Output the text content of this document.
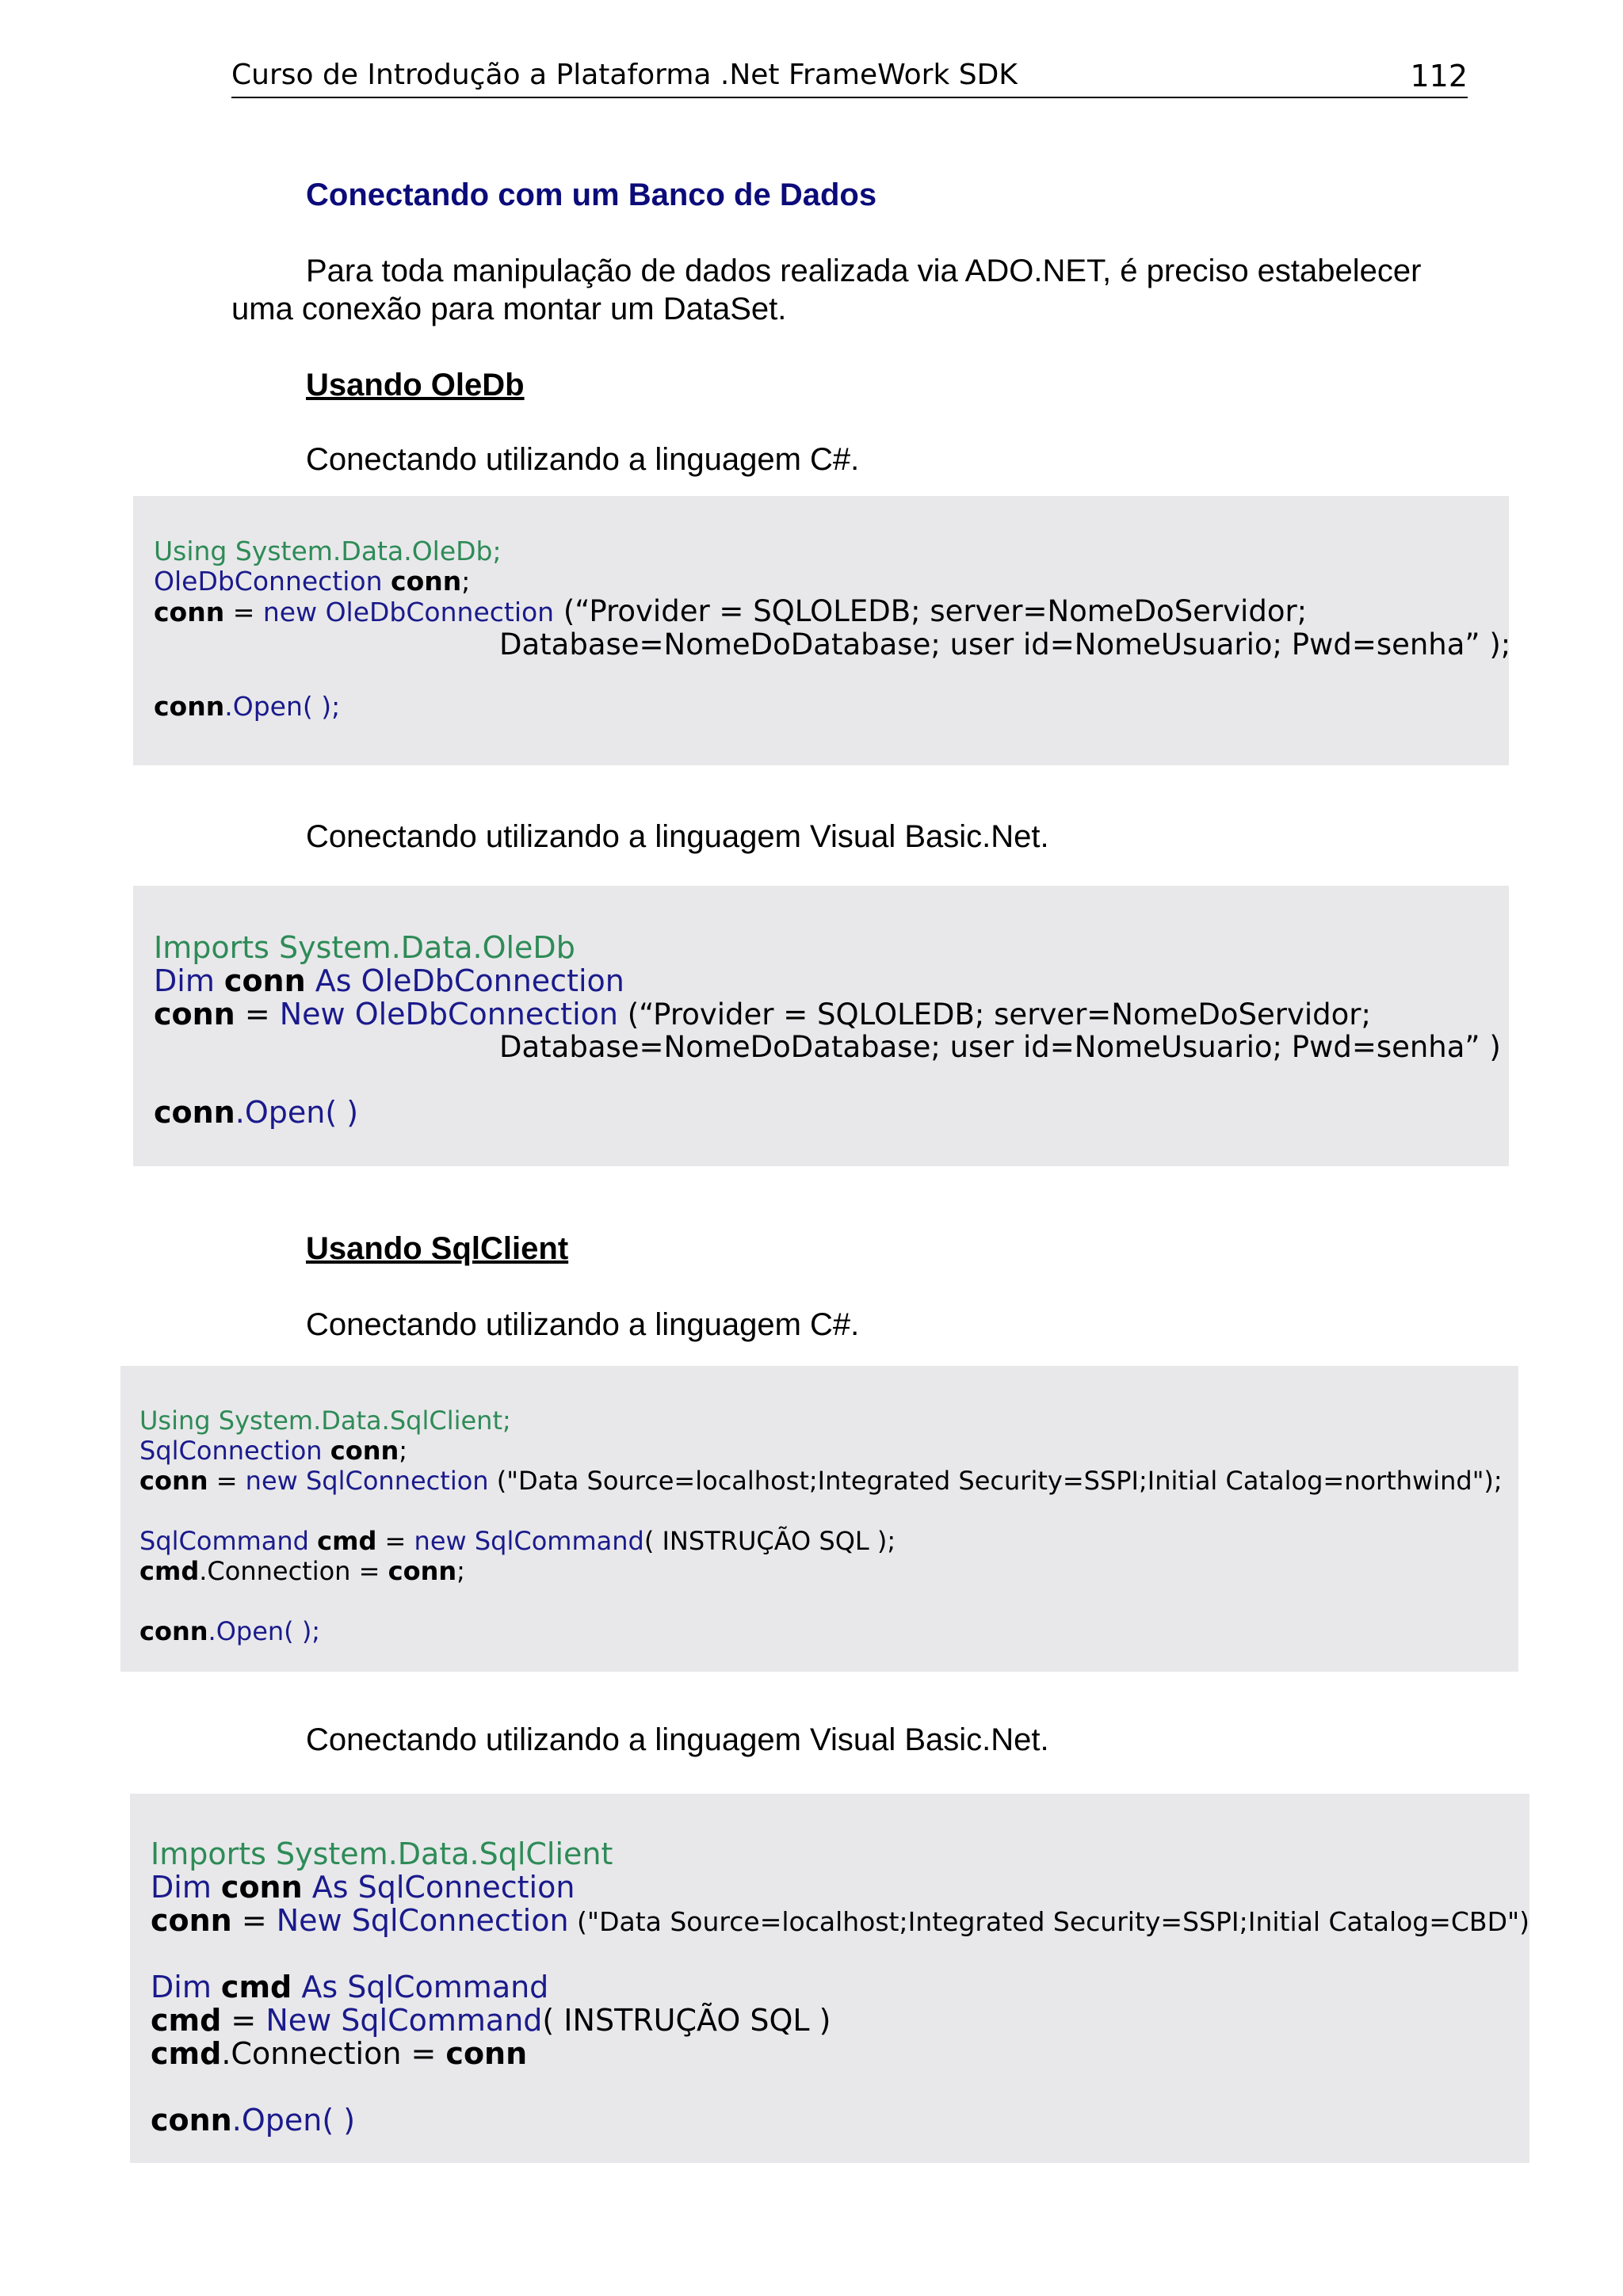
Curso de Introdução a Plataforma .Net FrameWork SDK	112
Conectando com um Banco de Dados
Para toda manipulação de dados realizada via ADO.NET, é preciso estabelecer
uma conexão para montar um DataSet.
Usando OleDb
Conectando utilizando a linguagem C#.
Using System.Data.OleDb;
OleDbConnection conn;
conn = new OleDbConnection (“Provider = SQLOLEDB; server=NomeDoServidor;
Database=NomeDoDatabase; user id=NomeUsuario; Pwd=senha” );
conn.Open( );
Conectando utilizando a linguagem Visual Basic.Net.
Imports System.Data.OleDb
Dim conn As OleDbConnection
conn = New OleDbConnection (“Provider = SQLOLEDB; server=NomeDoServidor;
Database=NomeDoDatabase; user id=NomeUsuario; Pwd=senha” )
conn.Open( )
Usando SqlClient
Conectando utilizando a linguagem C#.
Using System.Data.SqlClient;
SqlConnection conn;
conn = new SqlConnection ("Data Source=localhost;Integrated Security=SSPI;Initial Catalog=northwind");
SqlCommand cmd = new SqlCommand( INSTRUÇÃO SQL );
cmd.Connection = conn;
conn.Open( );
Conectando utilizando a linguagem Visual Basic.Net.
Imports System.Data.SqlClient
Dim conn As SqlConnection
conn = New SqlConnection ("Data Source=localhost;Integrated Security=SSPI;Initial Catalog=CBD")
Dim cmd As SqlCommand
cmd = New SqlCommand( INSTRUÇÃO SQL )
cmd.Connection = conn
conn.Open( )
